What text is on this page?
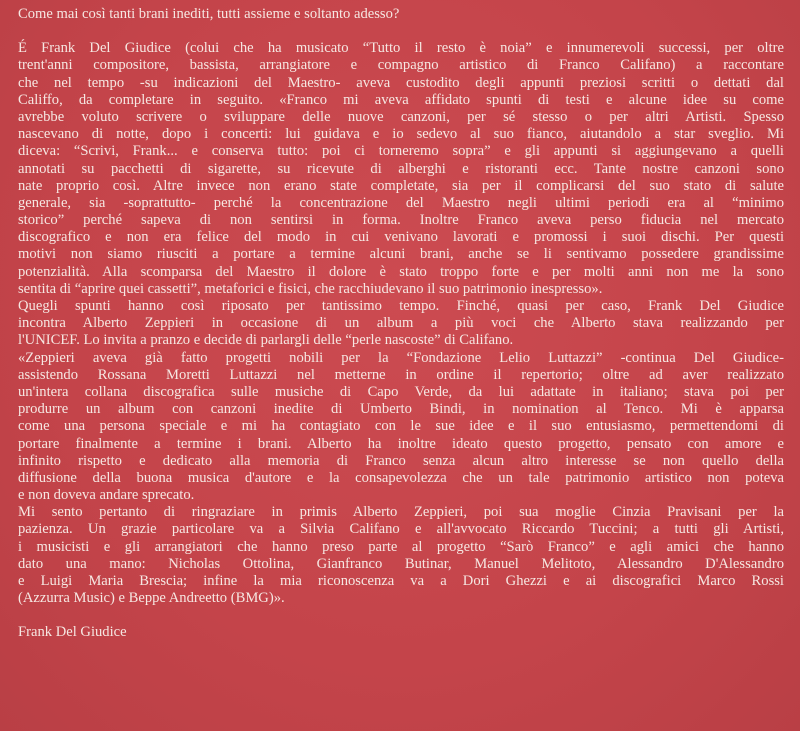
Come mai così tanti brani inediti, tutti assieme e soltanto adesso?
É Frank Del Giudice (colui che ha musicato “Tutto il resto è noia” e innumerevoli successi, per oltre
trent'anni compositore, bassista, arrangiatore e compagno artistico di Franco Califano) a raccontare
che nel tempo -su indicazioni del Maestro- aveva custodito degli appunti preziosi scritti o dettati dal
Califfo, da completare in seguito. «Franco mi aveva affidato spunti di testi e alcune idee su come
avrebbe voluto scrivere o sviluppare delle nuove canzoni, per sé stesso o per altri Artisti. Spesso
nascevano di notte, dopo i concerti: lui guidava e io sedevo al suo fianco, aiutandolo a star sveglio. Mi
diceva: “Scrivi, Frank... e conserva tutto: poi ci torneremo sopra” e gli appunti si aggiungevano a quelli
annotati su pacchetti di sigarette, su ricevute di alberghi e ristoranti ecc. Tante nostre canzoni sono
nate proprio così. Altre invece non erano state completate, sia per il complicarsi del suo stato di salute
generale, sia -soprattutto- perché la concentrazione del Maestro negli ultimi periodi era al “minimo
storico” perché sapeva di non sentirsi in forma. Inoltre Franco aveva perso fiducia nel mercato
discografico e non era felice del modo in cui venivano lavorati e promossi i suoi dischi. Per questi
motivi non siamo riusciti a portare a termine alcuni brani, anche se li sentivamo possedere grandissime
potenzialità. Alla scomparsa del Maestro il dolore è stato troppo forte e per molti anni non me la sono
sentita di “aprire quei cassetti”, metaforici e fisici, che racchiudevano il suo patrimonio inespresso».
Quegli spunti hanno così riposato per tantissimo tempo. Finché, quasi per caso, Frank Del Giudice
incontra Alberto Zeppieri in occasione di un album a più voci che Alberto stava realizzando per
l'UNICEF. Lo invita a pranzo e decide di parlargli delle “perle nascoste” di Califano.
«Zeppieri aveva già fatto progetti nobili per la “Fondazione Lelio Luttazzi” -continua Del Giudice-
assistendo Rossana Moretti Luttazzi nel metterne in ordine il repertorio; oltre ad aver realizzato
un'intera collana discografica sulle musiche di Capo Verde, da lui adattate in italiano; stava poi per
produrre un album con canzoni inedite di Umberto Bindi, in nomination al Tenco. Mi è apparsa
come una persona speciale e mi ha contagiato con le sue idee e il suo entusiasmo, permettendomi di
portare finalmente a termine i brani. Alberto ha inoltre ideato questo progetto, pensato con amore e
infinito rispetto e dedicato alla memoria di Franco senza alcun altro interesse se non quello della
diffusione della buona musica d'autore e la consapevolezza che un tale patrimonio artistico non poteva
e non doveva andare sprecato.
Mi sento pertanto di ringraziare in primis Alberto Zeppieri, poi sua moglie Cinzia Pravisani per la
pazienza. Un grazie particolare va a Silvia Califano e all'avvocato Riccardo Tuccini; a tutti gli Artisti,
i musicisti e gli arrangiatori che hanno preso parte al progetto “Sarò Franco” e agli amici che hanno
dato una mano: Nicholas Ottolina, Gianfranco Butinar, Manuel Melitoto, Alessandro D'Alessandro
e Luigi Maria Brescia; infine la mia riconoscenza va a Dori Ghezzi e ai discografici Marco Rossi
(Azzurra Music) e Beppe Andreetto (BMG)».
Frank Del Giudice
